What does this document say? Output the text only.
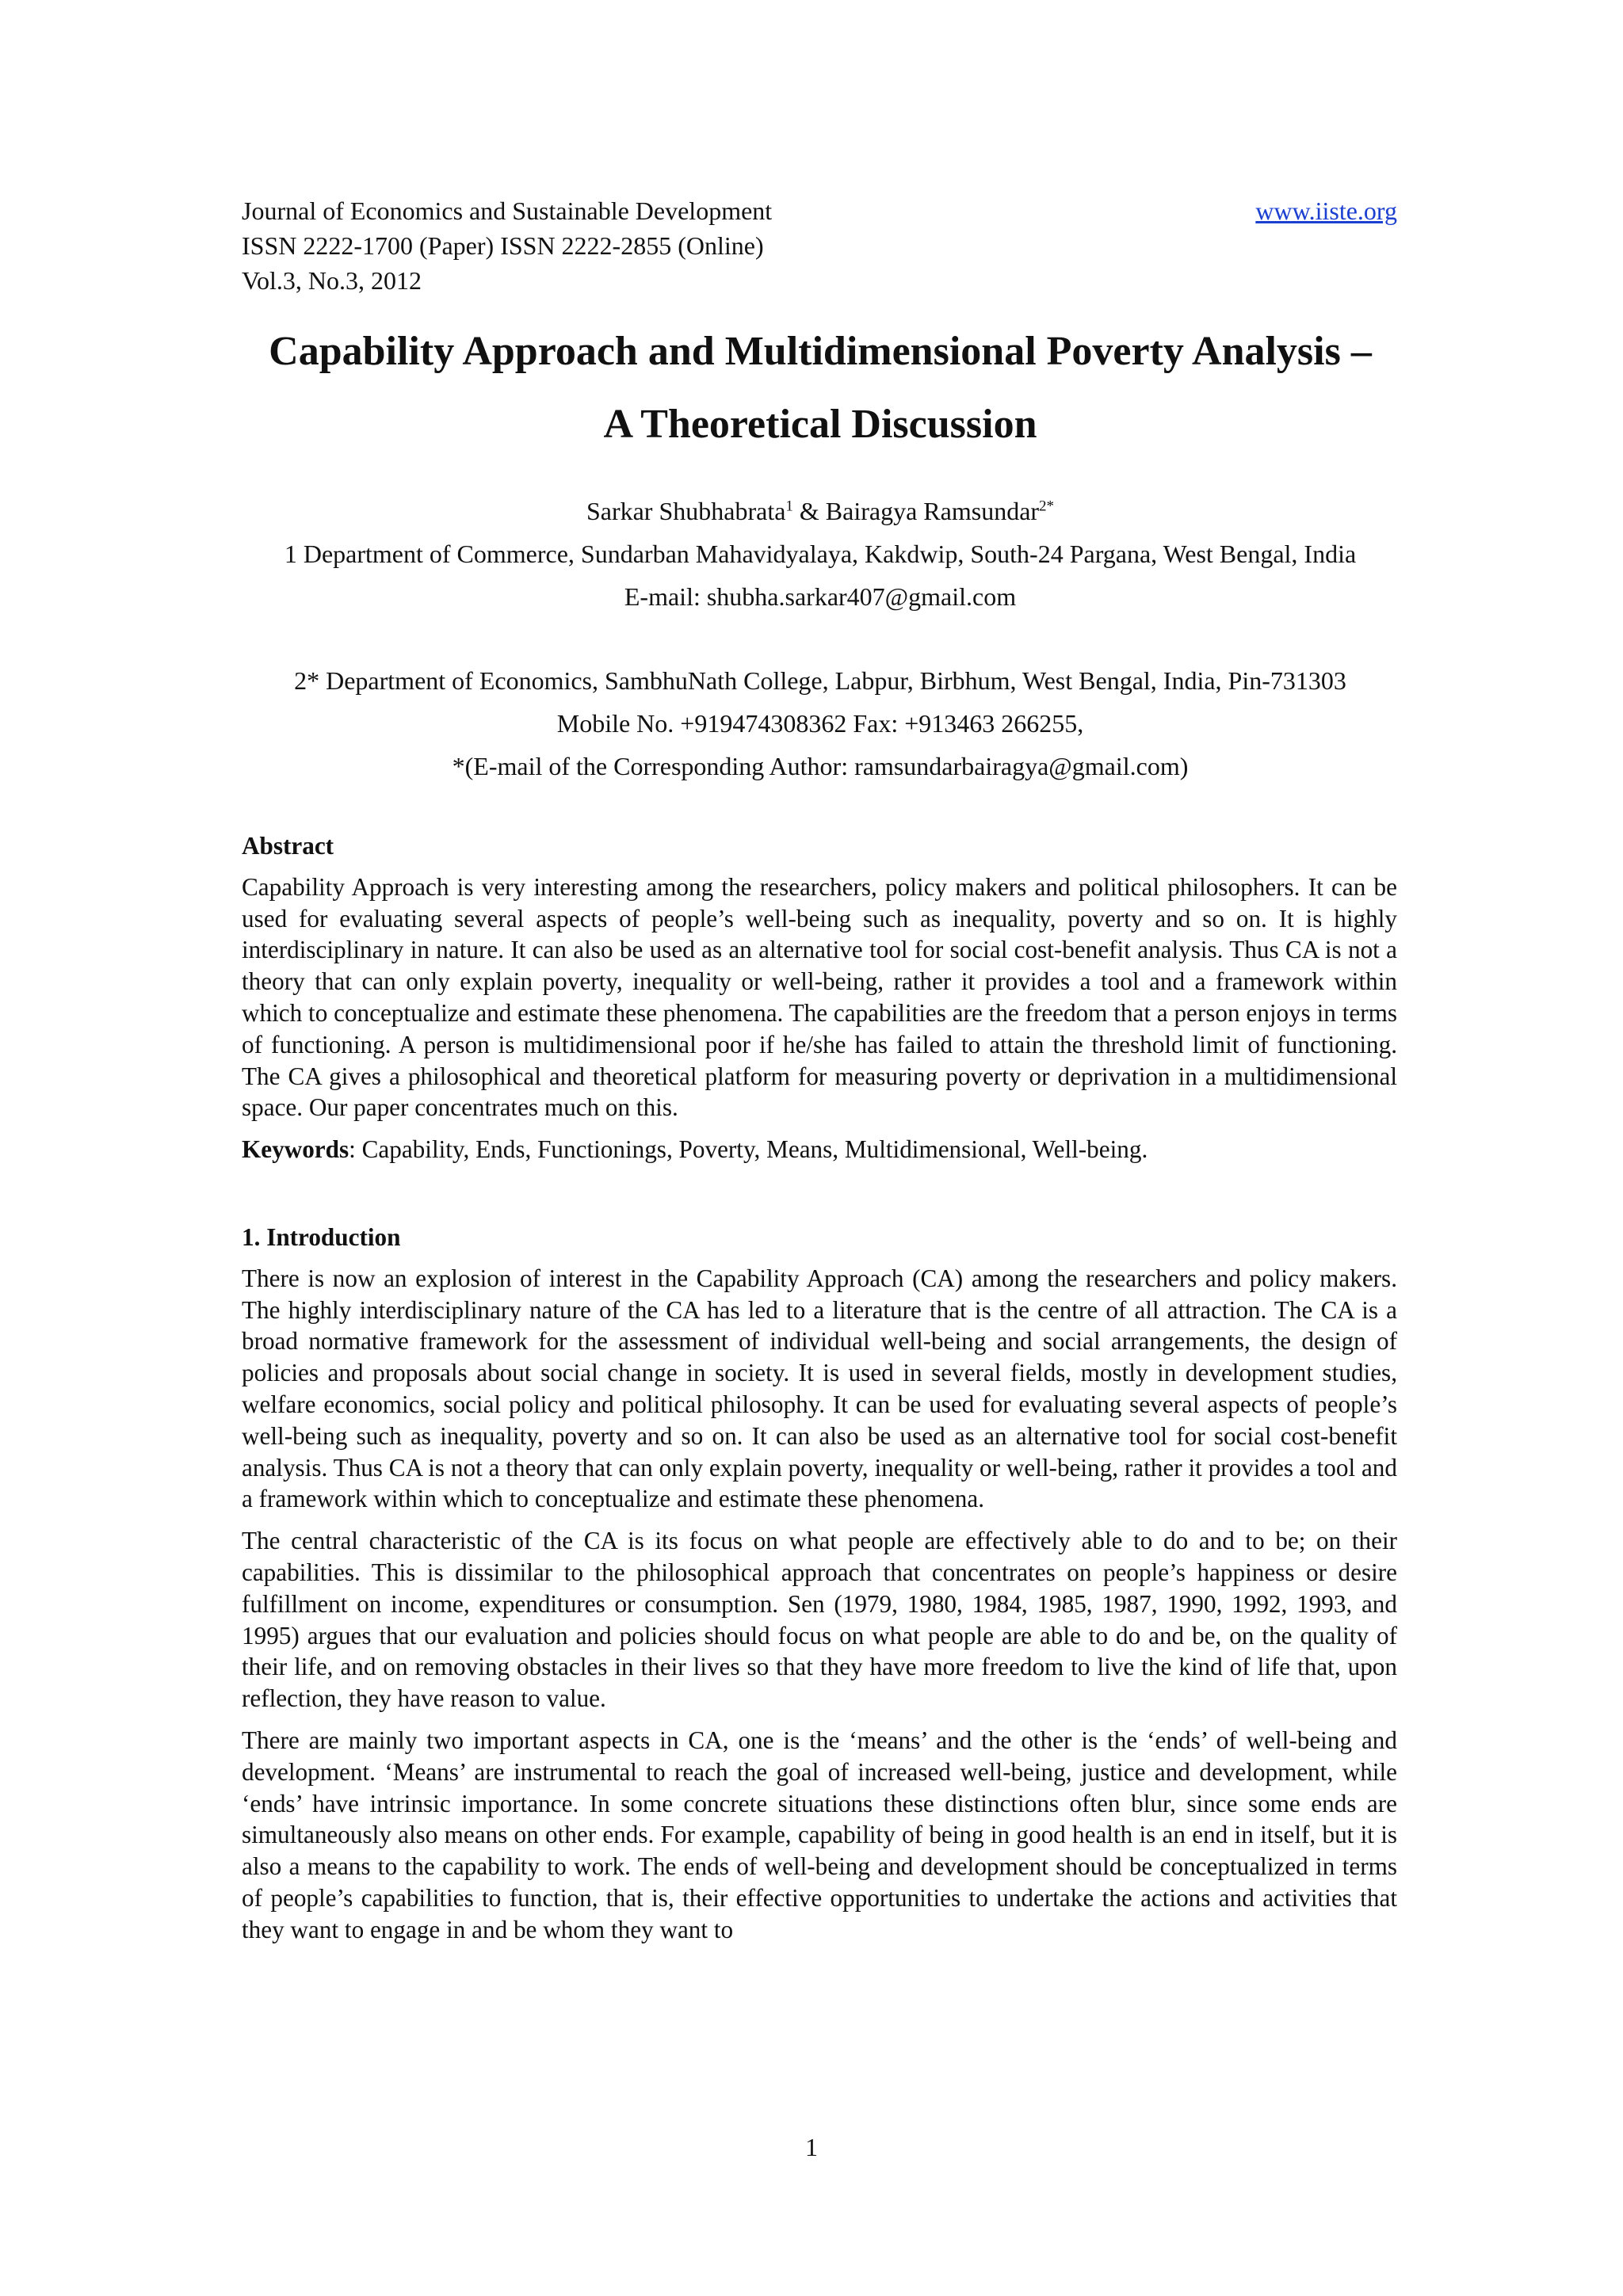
Journal of Economics and Sustainable Development	www.iiste.org
ISSN 2222-1700 (Paper) ISSN 2222-2855 (Online)
Vol.3, No.3, 2012
Capability Approach and Multidimensional Poverty Analysis –
A Theoretical Discussion
Sarkar Shubhabrata$^1$ & Bairagya Ramsundar$^{2*}$
1 Department of Commerce, Sundarban Mahavidyalaya, Kakdwip, South-24 Pargana, West Bengal, India
E-mail: shubha.sarkar407@gmail.com
2* Department of Economics, SambhuNath College, Labpur, Birbhum, West Bengal, India, Pin-731303
Mobile No. +919474308362 Fax: +913463 266255,
*(E-mail of the Corresponding Author: ramsundarbairagya@gmail.com)
Abstract

Capability Approach is very interesting among the researchers, policy makers and political philosophers. It can be used for evaluating several aspects of people’s well-being such as inequality, poverty and so on. It is highly interdisciplinary in nature. It can also be used as an alternative tool for social cost-benefit analysis. Thus CA is not a theory that can only explain poverty, inequality or well-being, rather it provides a tool and a framework within which to conceptualize and estimate these phenomena. The capabilities are the freedom that a person enjoys in terms of functioning. A person is multidimensional poor if he/she has failed to attain the threshold limit of functioning. The CA gives a philosophical and theoretical platform for measuring poverty or deprivation in a multidimensional space. Our paper concentrates much on this.

Keywords: Capability, Ends, Functionings, Poverty, Means, Multidimensional, Well-being.

1. Introduction

There is now an explosion of interest in the Capability Approach (CA) among the researchers and policy makers. The highly interdisciplinary nature of the CA has led to a literature that is the centre of all attraction. The CA is a broad normative framework for the assessment of individual well-being and social arrangements, the design of policies and proposals about social change in society. It is used in several fields, mostly in development studies, welfare economics, social policy and political philosophy. It can be used for evaluating several aspects of people’s well-being such as inequality, poverty and so on. It can also be used as an alternative tool for social cost-benefit analysis. Thus CA is not a theory that can only explain poverty, inequality or well-being, rather it provides a tool and a framework within which to conceptualize and estimate these phenomena.

The central characteristic of the CA is its focus on what people are effectively able to do and to be; on their capabilities. This is dissimilar to the philosophical approach that concentrates on people’s happiness or desire fulfillment on income, expenditures or consumption. Sen (1979, 1980, 1984, 1985, 1987, 1990, 1992, 1993, and 1995) argues that our evaluation and policies should focus on what people are able to do and be, on the quality of their life, and on removing obstacles in their lives so that they have more freedom to live the kind of life that, upon reflection, they have reason to value.

There are mainly two important aspects in CA, one is the ‘means’ and the other is the ‘ends’ of well-being and development. ‘Means’ are instrumental to reach the goal of increased well-being, justice and development, while ‘ends’ have intrinsic importance. In some concrete situations these distinctions often blur, since some ends are simultaneously also means on other ends. For example, capability of being in good health is an end in itself, but it is also a means to the capability to work. The ends of well-being and development should be conceptualized in terms of people’s capabilities to function, that is, their effective opportunities to undertake the actions and activities that they want to engage in and be whom they want to

1
